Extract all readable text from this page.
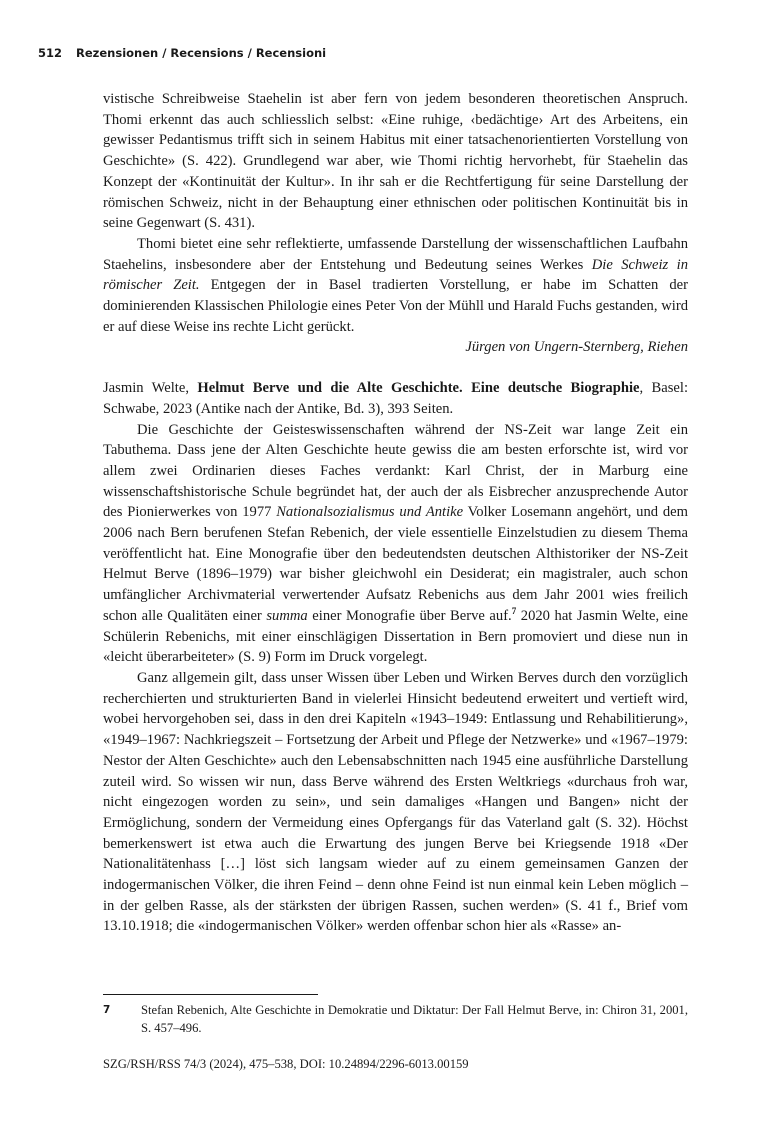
512 Rezensionen / Recensions / Recensioni

vistische Schreibweise Staehelin ist aber fern von jedem besonderen theoretischen Anspruch. Thomi erkennt das auch schliesslich selbst: «Eine ruhige, ‹bedächtige› Art des Arbeitens, ein gewisser Pedantismus trifft sich in seinem Habitus mit einer tatsachenorientierten Vorstellung von Geschichte» (S. 422). Grundlegend war aber, wie Thomi richtig hervorhebt, für Staehelin das Konzept der «Kontinuität der Kultur». In ihr sah er die Rechtfertigung für seine Darstellung der römischen Schweiz, nicht in der Behauptung einer ethnischen oder politischen Kontinuität bis in seine Gegenwart (S. 431).

Thomi bietet eine sehr reflektierte, umfassende Darstellung der wissenschaftlichen Laufbahn Staehelins, insbesondere aber der Entstehung und Bedeutung seines Werkes Die Schweiz in römischer Zeit. Entgegen der in Basel tradierten Vorstellung, er habe im Schatten der dominierenden Klassischen Philologie eines Peter Von der Mühll und Harald Fuchs gestanden, wird er auf diese Weise ins rechte Licht gerückt.

Jürgen von Ungern-Sternberg, Riehen

Jasmin Welte, Helmut Berve und die Alte Geschichte. Eine deutsche Biographie, Basel: Schwabe, 2023 (Antike nach der Antike, Bd. 3), 393 Seiten.

Die Geschichte der Geisteswissenschaften während der NS-Zeit war lange Zeit ein Tabuthema. Dass jene der Alten Geschichte heute gewiss die am besten erforschte ist, wird vor allem zwei Ordinarien dieses Faches verdankt: Karl Christ, der in Marburg eine wissenschaftshistorische Schule begründet hat, der auch der als Eisbrecher anzusprechende Autor des Pionierwerkes von 1977 Nationalsozialismus und Antike Volker Losemann angehört, und dem 2006 nach Bern berufenen Stefan Rebenich, der viele essentielle Einzelstudien zu diesem Thema veröffentlicht hat. Eine Monografie über den bedeutendsten deutschen Althistoriker der NS-Zeit Helmut Berve (1896–1979) war bisher gleichwohl ein Desiderat; ein magistraler, auch schon umfänglicher Archivmaterial verwertender Aufsatz Rebenichs aus dem Jahr 2001 wies freilich schon alle Qualitäten einer summa einer Monografie über Berve auf.$^7$ 2020 hat Jasmin Welte, eine Schülerin Rebenichs, mit einer einschlägigen Dissertation in Bern promoviert und diese nun in «leicht überarbeiteter» (S. 9) Form im Druck vorgelegt.

Ganz allgemein gilt, dass unser Wissen über Leben und Wirken Berves durch den vorzüglich recherchierten und strukturierten Band in vielerlei Hinsicht bedeutend erweitert und vertieft wird, wobei hervorgehoben sei, dass in den drei Kapiteln «1943–1949: Entlassung und Rehabilitierung», «1949–1967: Nachkriegszeit – Fortsetzung der Arbeit und Pflege der Netzwerke» und «1967–1979: Nestor der Alten Geschichte» auch den Lebensabschnitten nach 1945 eine ausführliche Darstellung zuteil wird. So wissen wir nun, dass Berve während des Ersten Weltkriegs «durchaus froh war, nicht eingezogen worden zu sein», und sein damaliges «Hangen und Bangen» nicht der Ermöglichung, sondern der Vermeidung eines Opfergangs für das Vaterland galt (S. 32). Höchst bemerkenswert ist etwa auch die Erwartung des jungen Berve bei Kriegsende 1918 «Der Nationalitätenhass […] löst sich langsam wieder auf zu einem gemeinsamen Ganzen der indogermanischen Völker, die ihren Feind – denn ohne Feind ist nun einmal kein Leben möglich – in der gelben Rasse, als der stärksten der übrigen Rassen, suchen werden» (S. 41 f., Brief vom 13.10.1918; die «indogermanischen Völker» werden offenbar schon hier als «Rasse» an-

7 Stefan Rebenich, Alte Geschichte in Demokratie und Diktatur: Der Fall Helmut Berve, in: Chiron 31, 2001, S. 457–496.
SZG/RSH/RSS 74/3 (2024), 475–538, DOI: 10.24894/2296-6013.00159
